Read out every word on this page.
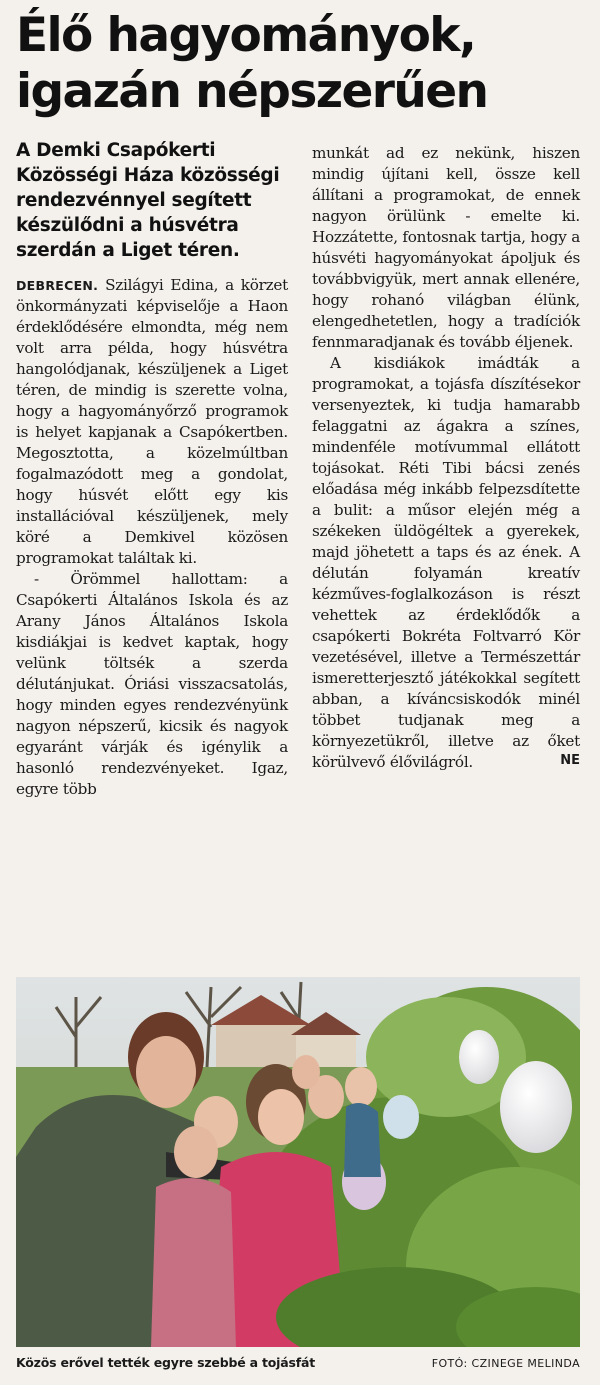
Élő hagyományok,
igazán népszerűen

A Demki Csapókerti Közösségi Háza közösségi rendezvénnyel segített készülődni a húsvétra szerdán a Liget téren.

DEBRECEN. Szilágyi Edina, a körzet önkormányzati képviselője a Haon érdeklődésére elmondta, még nem volt arra példa, hogy húsvétra hangolódjanak, készüljenek a Liget téren, de mindig is szerette volna, hogy a hagyományőrző programok is helyet kapjanak a Csapókertben. Megosztotta, a közelmúltban fogalmazódott meg a gondolat, hogy húsvét előtt egy kis installációval készüljenek, mely köré a Demkivel közösen programokat találtak ki.

- Örömmel hallottam: a Csapókerti Általános Iskola és az Arany János Általános Iskola kisdiákjai is kedvet kaptak, hogy velünk töltsék a szerda délutánjukat. Óriási visszacsatolás, hogy minden egyes rendezvényünk nagyon népszerű, kicsik és nagyok egyaránt várják és igénylik a hasonló rendezvényeket. Igaz, egyre több

munkát ad ez nekünk, hiszen mindig újítani kell, össze kell állítani a programokat, de ennek nagyon örülünk - emelte ki. Hozzátette, fontosnak tartja, hogy a húsvéti hagyományokat ápoljuk és továbbvigyük, mert annak ellenére, hogy rohanó világban élünk, elengedhetetlen, hogy a tradíciók fennmaradjanak és tovább éljenek.

A kisdiákok imádták a programokat, a tojásfa díszítésekor versenyeztek, ki tudja hamarabb felaggatni az ágakra a színes, mindenféle motívummal ellátott tojásokat. Réti Tibi bácsi zenés előadása még inkább felpezsdítette a bulit: a műsor elején még a székeken üldögéltek a gyerekek, majd jöhetett a taps és az ének. A délután folyamán kreatív kézműves-foglalkozáson is részt vehettek az érdeklődők a csapókerti Bokréta Foltvarró Kör vezetésével, illetve a Természettár ismeretterjesztő játékokkal segített abban, a kíváncsiskodók minél többet tudjanak meg a környezetükről, illetve az őket körülvevő élővilágról.	NE
Közös erővel tették egyre szebbé a tojásfát	FOTÓ: CZINEGE MELINDA
